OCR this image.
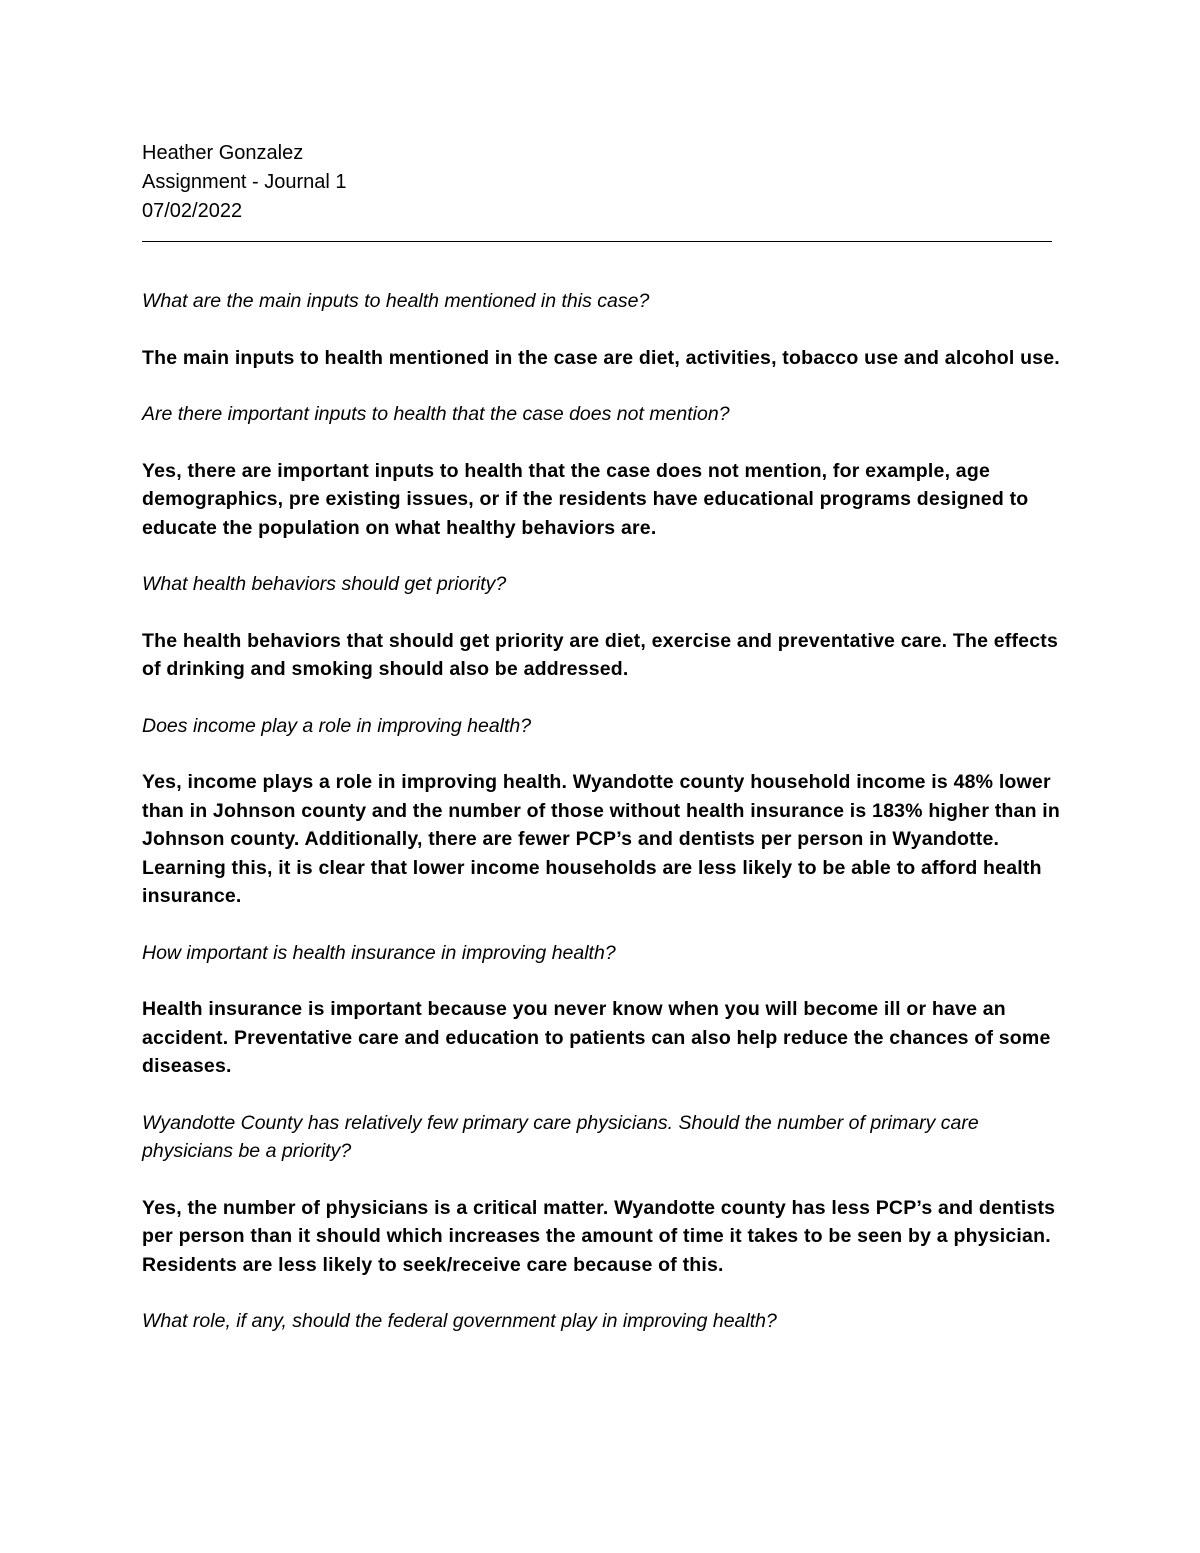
Heather Gonzalez

Assignment - Journal 1

07/02/2022

What are the main inputs to health mentioned in this case?

The main inputs to health mentioned in the case are diet, activities, tobacco use and alcohol use.

Are there important inputs to health that the case does not mention?

Yes, there are important inputs to health that the case does not mention, for example, age demographics, pre existing issues, or if the residents have educational programs designed to educate the population on what healthy behaviors are.

What health behaviors should get priority?

The health behaviors that should get priority are diet, exercise and preventative care. The effects of drinking and smoking should also be addressed.

Does income play a role in improving health?

Yes, income plays a role in improving health. Wyandotte county household income is 48% lower than in Johnson county and the number of those without health insurance is 183% higher than in Johnson county. Additionally, there are fewer PCP’s and dentists per person in Wyandotte. Learning this, it is clear that lower income households are less likely to be able to afford health insurance.

How important is health insurance in improving health?

Health insurance is important because you never know when you will become ill or have an accident. Preventative care and education to patients can also help reduce the chances of some diseases.

Wyandotte County has relatively few primary care physicians. Should the number of primary care physicians be a priority?

Yes, the number of physicians is a critical matter. Wyandotte county has less PCP’s and dentists per person than it should which increases the amount of time it takes to be seen by a physician. Residents are less likely to seek/receive care because of this.

What role, if any, should the federal government play in improving health?
